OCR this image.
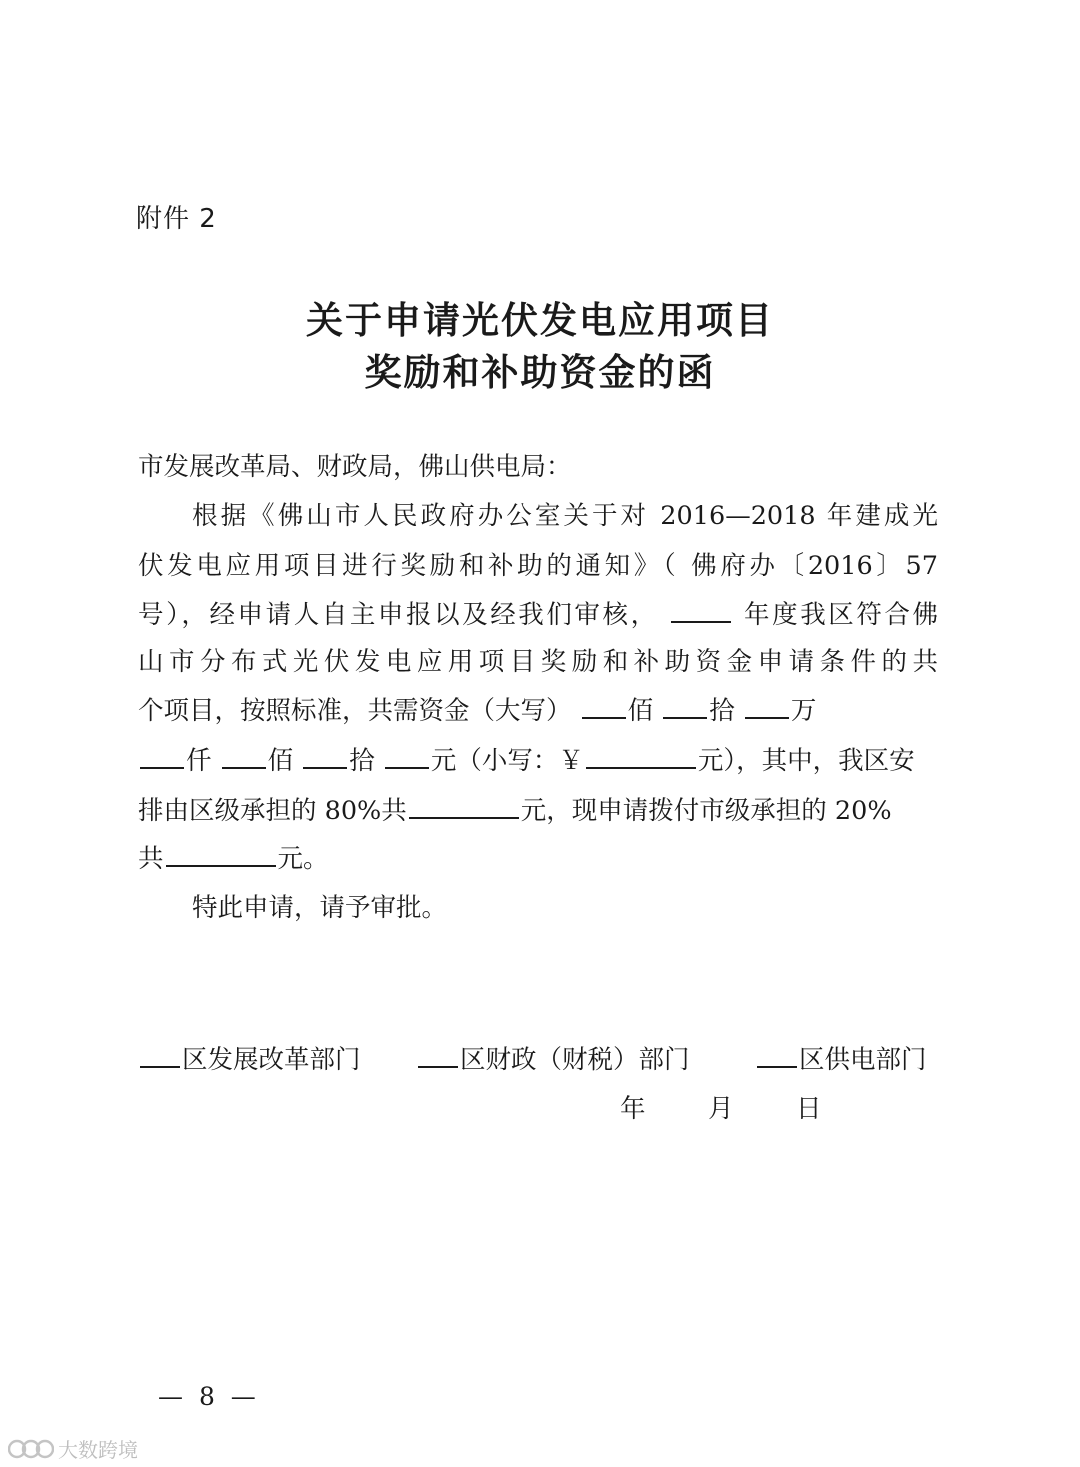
附件 2
关于申请光伏发电应用项目
奖励和补助资金的函
市发展改革局、财政局，佛山供电局：
根据《佛山市人民政府办公室关于对 2016—2018 年建成光
伏发电应用项目进行奖励和补助的通知》（ 佛府办〔2016〕57
号），经申请人自主申报以及经我们审核，	年度我区符合佛
山市分布式光伏发电应用项目奖励和补助资金申请条件的共
个项目，按照标准，共需资金（大写） 佰 拾 万
仟 佰 拾 元（小写：￥	元），其中，我区安
排由区级承担的 80%共	元，现申请拨付市级承担的 20%
共	元。
特此申请，请予审批。
区发展改革部门	区财政（财税）部门	区供电部门
年 月 日
— 8 —
大数跨境
